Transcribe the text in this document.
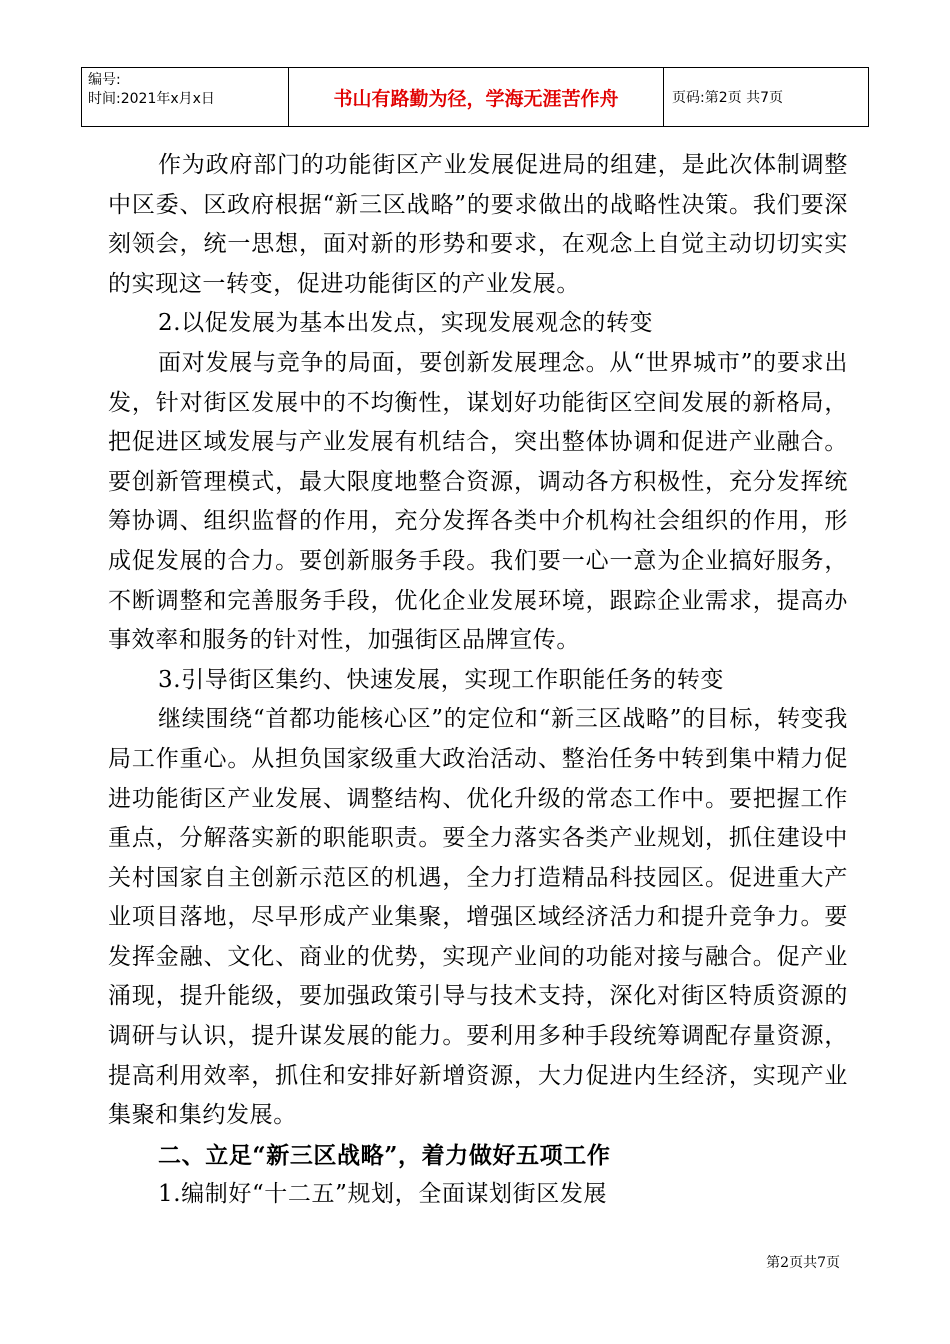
编号:
时间:2021年x月x日	书山有路勤为径，学海无涯苦作舟	页码:第2页 共7页

作为政府部门的功能街区产业发展促进局的组建，是此次体制调整中区委、区政府根据“新三区战略”的要求做出的战略性决策。我们要深刻领会，统一思想，面对新的形势和要求，在观念上自觉主动切切实实的实现这一转变，促进功能街区的产业发展。

2.以促发展为基本出发点，实现发展观念的转变

面对发展与竞争的局面，要创新发展理念。从“世界城市”的要求出发，针对街区发展中的不均衡性，谋划好功能街区空间发展的新格局，把促进区域发展与产业发展有机结合，突出整体协调和促进产业融合。要创新管理模式，最大限度地整合资源，调动各方积极性，充分发挥统筹协调、组织监督的作用，充分发挥各类中介机构社会组织的作用，形成促发展的合力。要创新服务手段。我们要一心一意为企业搞好服务，不断调整和完善服务手段，优化企业发展环境，跟踪企业需求，提高办事效率和服务的针对性，加强街区品牌宣传。

3.引导街区集约、快速发展，实现工作职能任务的转变

继续围绕“首都功能核心区”的定位和“新三区战略”的目标，转变我局工作重心。从担负国家级重大政治活动、整治任务中转到集中精力促进功能街区产业发展、调整结构、优化升级的常态工作中。要把握工作重点，分解落实新的职能职责。要全力落实各类产业规划，抓住建设中关村国家自主创新示范区的机遇，全力打造精品科技园区。促进重大产业项目落地，尽早形成产业集聚，增强区域经济活力和提升竞争力。要发挥金融、文化、商业的优势，实现产业间的功能对接与融合。促产业涌现，提升能级，要加强政策引导与技术支持，深化对街区特质资源的调研与认识，提升谋发展的能力。要利用多种手段统筹调配存量资源，提高利用效率，抓住和安排好新增资源，大力促进内生经济，实现产业集聚和集约发展。

二、立足“新三区战略”，着力做好五项工作

1.编制好“十二五”规划，全面谋划街区发展

第2页共7页
